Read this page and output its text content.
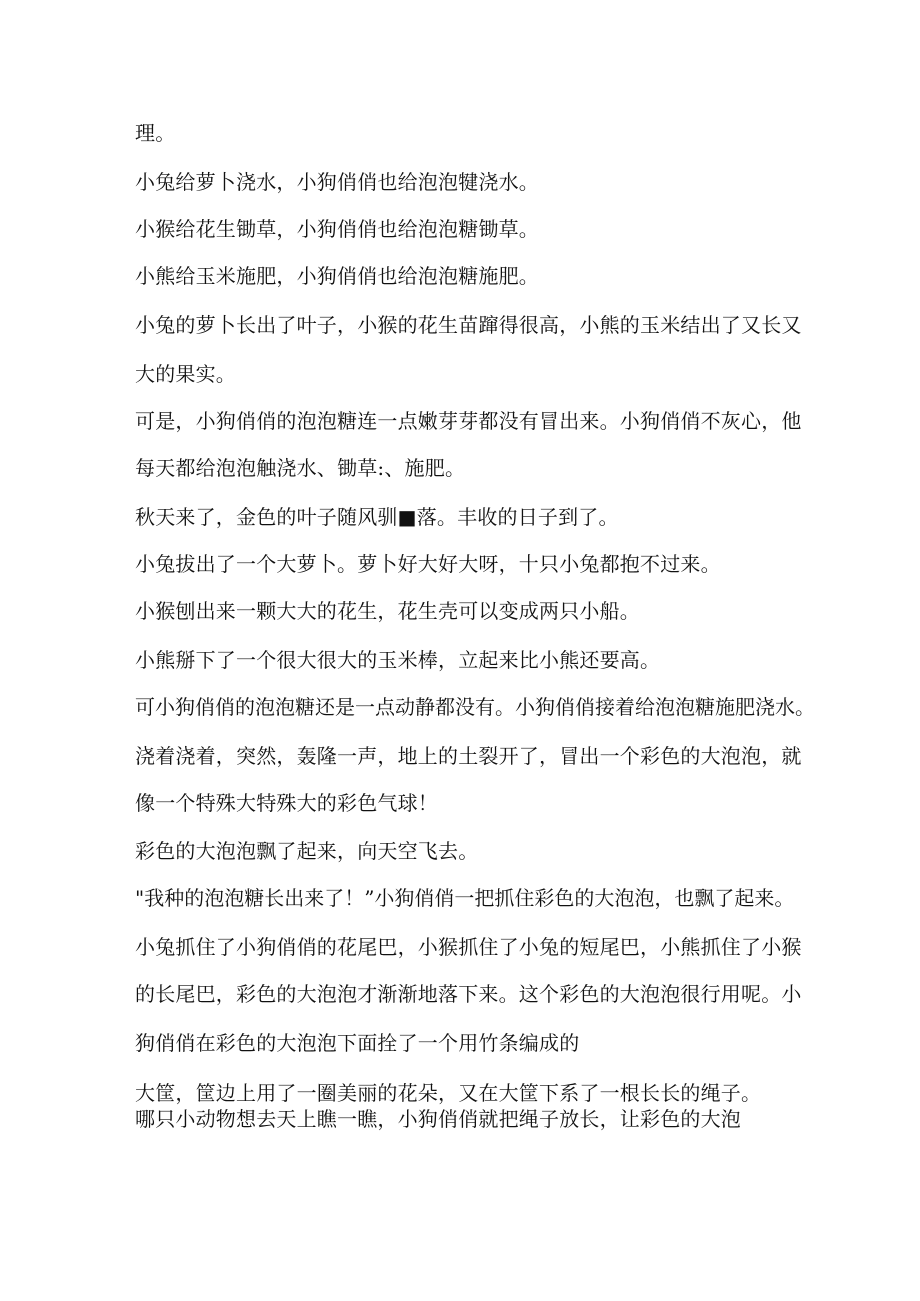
理。
小兔给萝卜浇水，小狗俏俏也给泡泡犍浇水。
小猴给花生锄草，小狗俏俏也给泡泡糖锄草。
小熊给玉米施肥，小狗俏俏也给泡泡糖施肥。
小兔的萝卜长出了叶子，小猴的花生苗蹿得很高，小熊的玉米结出了又长又
大的果实。
可是，小狗俏俏的泡泡糖连一点嫩芽芽都没有冒出来。小狗俏俏不灰心，他
每天都给泡泡触浇水、锄草:、施肥。
秋天来了，金色的叶子随风驯■落。丰收的日子到了。
小兔拔出了一个大萝卜。萝卜好大好大呀，十只小兔都抱不过来。
小猴刨出来一颗大大的花生，花生壳可以变成两只小船。
小熊掰下了一个很大很大的玉米棒，立起来比小熊还要高。
可小狗俏俏的泡泡糖还是一点动静都没有。小狗俏俏接着给泡泡糖施肥浇水。
浇着浇着，突然，轰隆一声，地上的土裂开了，冒出一个彩色的大泡泡，就
像一个特殊大特殊大的彩色气球！
彩色的大泡泡飘了起来，向天空飞去。
"我种的泡泡糖长出来了！”小狗俏俏一把抓住彩色的大泡泡，也飘了起来。
小兔抓住了小狗俏俏的花尾巴，小猴抓住了小兔的短尾巴，小熊抓住了小猴
的长尾巴，彩色的大泡泡才渐渐地落下来。这个彩色的大泡泡很行用呢。小
狗俏俏在彩色的大泡泡下面拴了一个用竹条编成的
大筐，筐边上用了一圈美丽的花朵，又在大筐下系了一根长长的绳子。
哪只小动物想去天上瞧一瞧，小狗俏俏就把绳子放长，让彩色的大泡
